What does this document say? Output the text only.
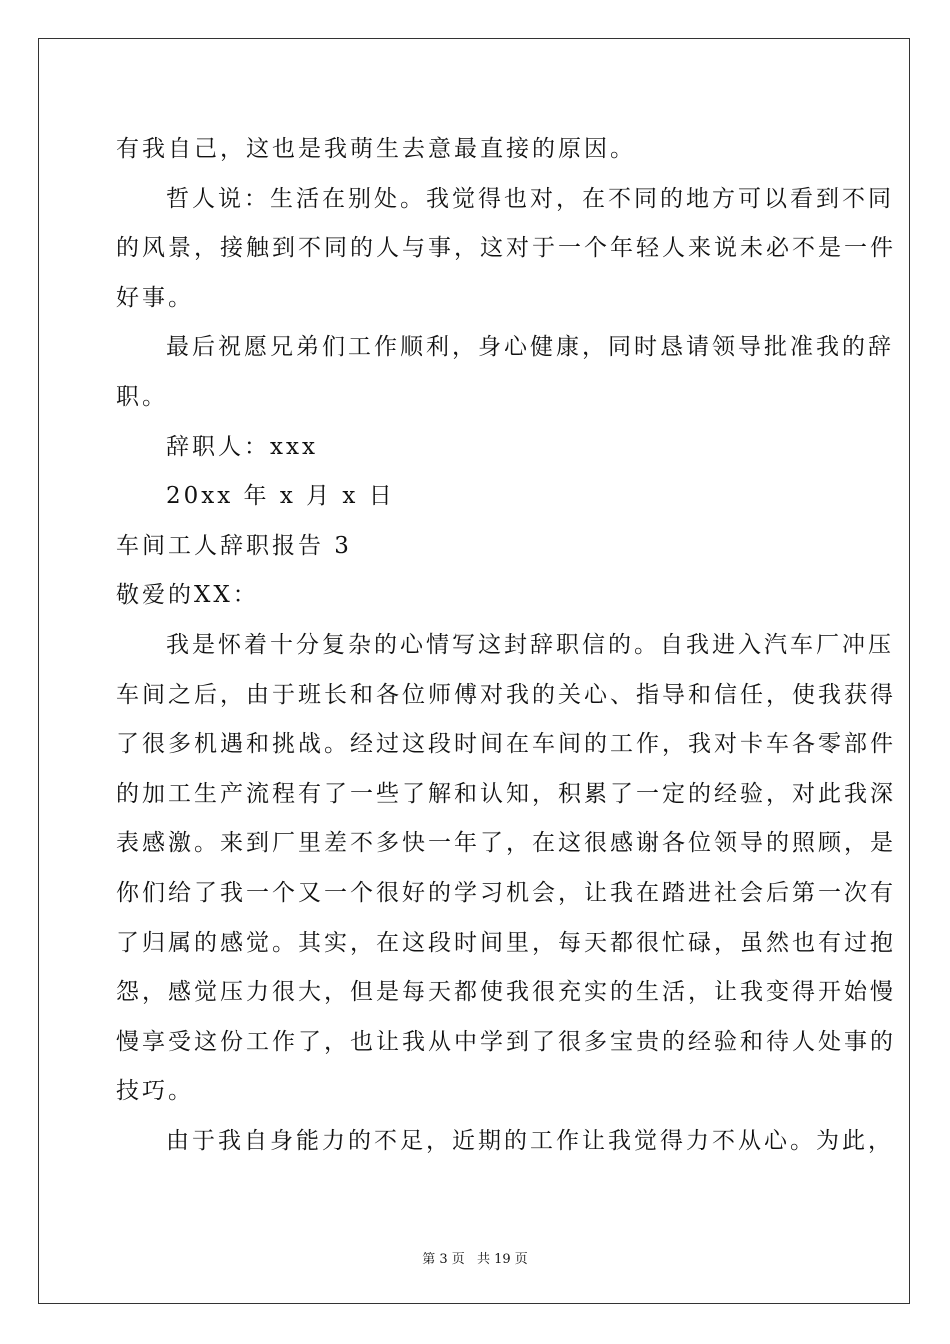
有我自己，这也是我萌生去意最直接的原因。
哲人说：生活在别处。我觉得也对，在不同的地方可以看到不同
的风景，接触到不同的人与事，这对于一个年轻人来说未必不是一件
好事。
最后祝愿兄弟们工作顺利，身心健康，同时恳请领导批准我的辞
职。
辞职人：xxx
20xx 年 x 月 x 日
车间工人辞职报告 3
敬爱的XX：
我是怀着十分复杂的心情写这封辞职信的。自我进入汽车厂冲压
车间之后，由于班长和各位师傅对我的关心、指导和信任，使我获得
了很多机遇和挑战。经过这段时间在车间的工作，我对卡车各零部件
的加工生产流程有了一些了解和认知，积累了一定的经验，对此我深
表感激。来到厂里差不多快一年了，在这很感谢各位领导的照顾，是
你们给了我一个又一个很好的学习机会，让我在踏进社会后第一次有
了归属的感觉。其实，在这段时间里，每天都很忙碌，虽然也有过抱
怨，感觉压力很大，但是每天都使我很充实的生活，让我变得开始慢
慢享受这份工作了，也让我从中学到了很多宝贵的经验和待人处事的
技巧。
由于我自身能力的不足，近期的工作让我觉得力不从心。为此，
第 3 页 共 19 页
